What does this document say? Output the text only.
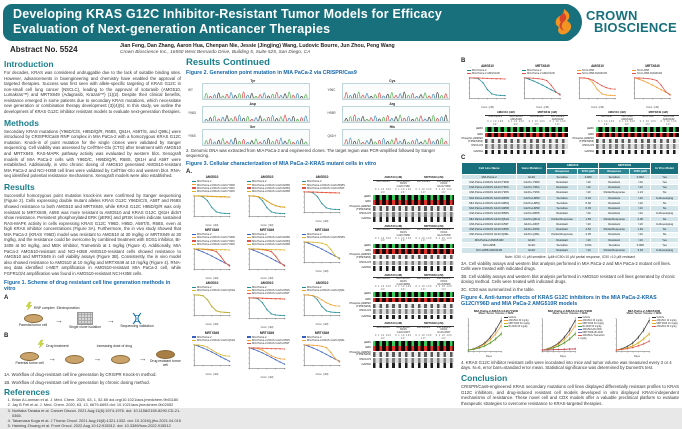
Developing KRAS G12C Inhibitor-Resistant Tumor Models for Efficacy
Evaluation of Next-generation Anticancer Therapies
CROWN
BIOSCIENCE
Abstract No. 5524	Jian Feng, Dan Zhang, Aaron Hua, Chenpan Nie, Jessie (Jingjing) Wang, Ludovic Bourre, Jun Zhou, Peng Wang
Crown Bioscience Inc., 16550 West Bernardo Drive, Building 5, Suite 525, San Diego, CA
Introduction

For decades, KRAS was considered undruggable due to the lack of suitable binding sites. However, advancements in bioengineering and chemistry have enabled the approval of targeted therapies. Success was first seen with allele-specific targeting of KRAS G12C in non-small cell lung cancer (NSCLC), leading to the approval of sotorasib (AMG510, Lumakras™) and MRTX849 (Adagrasib, Krazati™) (1)(2). Despite their clinical benefits, resistance emerged in some patients due to secondary KRAS mutations, which necessitate new generation or combination therapy development (3)(4)(5). In this study, we outline the development of KRAS G12C inhibitor resistant models to evaluate next-generation therapies.

Methods

Secondary KRAS mutations (Y96D/C/S, H95D/Q/R, R68S, Q61H, A59T/S, and Q99L) were introduced by CRISPR/Cas9 RNP complex in MIA PaCa-2 with a homozygous KRAS G12C mutation. Knock-in of point mutation for the single clones were validated by Sanger sequencing. Cell viability was assessed by CellTiter-Glo (CTG) after treatment with AMG510 and MRTX849. RAS-MAPK pathway activity was evaluated by western blot. Xenograft models of MIA PaCa-2 cells with Y96D/C, H95D/Q/R, R68S, Q61H and A59T were established. Additionally, in vitro chronic dosing of AMG510 generated AMG510-resistant MIA PaCa-2 and NCI-H358 cell lines were validated by CellTiter-Glo and western blot. RNA-seq identified potential resistance mechanisms. Xenograft models were also established.

Results

Successful homozygous point mutation knock-ins were confirmed by Sanger sequencing (Figure 2). Cells expressing double mutant alleles KRAS G12C Y96D/C/S, A59T and R68S showed resistance to both AMG510 and MRTX849, while KRAS G12C H95D/Q/R was only resistant to MRTX849, A59S was more resistant to AMG510 and KRAS G12C Q61H didn't show resistance. Persistent phosphorylated ERK (pERK) and pRSK levels indicate sustained RAS-MAPK activity in cells expressing KRAS G12C Y96D, H95D, A59T/S, R68S, even at high KRAS inhibitor concentrations (Figure 3A). Furthermore, the in vivo study showed that MIA PaCa-2 (KRAS Y96D) model was resistant to AMG510 at 30 mg/kg or MRTX849 at 30 mg/kg, and the resistance could be overcome by combined treatment with SOS1 inhibitor, BI-3406 at 50 mg/kg, and MEK inhibitor, Trametinib at 1 mg/kg (Figure 4). Additionally, MIA PaCa-2 AMG510-resistant and NCI-H358 AMG510-resistant cells showed resistance to AMG510 and MRTX849 in cell viability assays (Figure 3B). Consistently, the in vivo model also showed resistance to AMG510 at 10 mg/kg and MRTX849 at 10 mg/kg (Figure 4). RNA-seq data identified c-MET amplification in AMG510-resistant MIA PaCa-2 cell, while FGFR1/3/4 amplification was found in AMG510-resistant NCI-H358 cells.

Figure 1. Scheme of drug resistant cell line generation methods in vitro
A
RNP complex Electroporation
Parental tumor cell
→
Single clone isolation
→
Sequencing validation
B
Drug treatment	Increasing dose of drug
Parental tumor cell
→	→	→ Drug resistant tumor cell
1A. Workflow of drug-resistant cell line generation by CRISPR Knock-In method.
1B. Workflow of drug-resistant cell line generation by chronic dosing method.
References
1. Brian A Lanman et al. J. Med. Chem. 2020, 63, 1, 52-65 doi.org/10.1021/acs.jmedchem.9b01180
2. Jay B Fell et al. J. Med. Chem. 2020, 63, 13, 6679-6693 doi: 10.1021/acs.jmedchem.0b02052
3. Noritaka Tanaka et al. Cancer Discov. 2021 Aug;11(8):1974-1976. doi: 10.1158/2159-8290.CD-21-0365.
4. Takamasa Koga et al. J Thorac Oncol. 2021 Aug;16(8):1321-1332. doi: 10.1016/j.jtho.2021.04.015
5. Haiming Zhuang et al. Front Oncol. 2022 Aug 10:12:915512. doi: 10.3389/fonc.2022.915512
Results Continued
Figure 2. Generation point mutation in MIA PaCa-2 via CRISPR/Cas9
Tyr
WT
Cys
Y96C
Asp
Y96D
Arg
H95R
Ser
Y96S
His
Q61H
2. Genomic DNA was extracted from MIA PaCa-2 and engineered clones. The target region was PCR-amplified followed by Sanger sequencing.
Figure 3. Cellular characterization of MIA PaCa-2-KRAS mutant cells in vitro
A.
AMG510
MIA PaCa-2
MIA PaCa-2-KRAS G12C/Y96D
MIA PaCa-2-KRAS G12C/Y96C
MIA PaCa-2-KRAS G12C/Y96S
Conc. (nM)
AMG510
MIA PaCa-2
MIA PaCa-2-KRAS G12C/H95D
MIA PaCa-2-KRAS G12C/H95Q
MIA PaCa-2-KRAS G12C/H95R
Conc. (nM)
AMG510
MIA PaCa-2
MIA PaCa-2-KRAS G12C/R68S
MIA PaCa-2-KRAS G12C/A59T
Conc. (nM)
MRTX849
MIA PaCa-2
MIA PaCa-2-KRAS G12C/Y96D
MIA PaCa-2-KRAS G12C/Y96C
MIA PaCa-2-KRAS G12C/Y96S
Conc. (nM)
MRTX849
MIA PaCa-2
MIA PaCa-2-KRAS G12C/H95D
MIA PaCa-2-KRAS G12C/H95Q
MIA PaCa-2-KRAS G12C/H95R
Conc. (nM)
MRTX849
MIA PaCa-2
MIA PaCa-2-KRAS G12C/R68S
Conc. (nM)
AMG510
MIA PaCa-2
MIA PaCa-2-KRAS G12C/Q61H
Conc. (nM)
AMG510
MIA PaCa-2
MIA PaCa-2-KRAS G12C/A59S
MIA PaCa-2-KRAS G12C/A59T
Conc. (nM)
AMG510
MIA PaCa-2
MIA PaCa-2-KRAS G12C/Q99L
Conc. (nM)
MRTX849
MIA PaCa-2
MIA PaCa-2-KRAS G12C/Q61H
Conc. (nM)
MRTX849
MIA PaCa-2
MIA PaCa-2-KRAS G12C/A59S
MIA PaCa-2-KRAS G12C/A59T
Conc. (nM)
MRTX849
MIA PaCa-2
MIA PaCa-2-KRAS G12C/Q99L
Conc. (nM)
AMG510 (nM)	MRTX849 (nM)
MIA PaCa-2	MIA PaCa-2-KRAS G12C/Y96D
MIA PaCa-2	MIA PaCa-2-KRAS G12C/Y96D
0 1 10 100 10³
0 1 10 100 10³
0 1 10 100 10³
0 1 10 100 10³
pERK
ERK
Phospho-p90RSK (T359/S363)
RSK1/2/3
GAPDH
AMG510 (nM)	MRTX849 (nM)
MIA PaCa-2	MIA PaCa-2-KRAS G12C/H95D
MIA PaCa-2	MIA PaCa-2-KRAS G12C/H95D
0 1 10 100 10³
0 1 10 100 10³
0 1 10 100 10³
0 1 10 100 10³
pERK
ERK
Phospho-p90RSK (T359/S363)
RSK1/2/3
GAPDH
AMG510 (nM)	MRTX849 (nM)
MIA PaCa-2	MIA PaCa-2-KRAS G12C/R68S
MIA PaCa-2	MIA PaCa-2-KRAS G12C/R68S
0 1 10 100 10³
0 1 10 100 10³
0 1 10 100 10³
0 1 10 100 10³
pERK
ERK
Phospho-p90RSK (T359/S363)
RSK1/2/3
GAPDH
AMG510 (nM)	MRTX849 (nM)
MIA PaCa-2	MIA PaCa-2-KRAS G12C/A59T
MIA PaCa-2	MIA PaCa-2-KRAS G12C/A59T
0 1 10 100 10³
0 1 10 100 10³
0 1 10 100 10³
0 1 10 100 10³
pERK
ERK
Phospho-p90RSK (T359/S363)
RSK1/2/3
GAPDH
B
AMG510
MIA PaCa-2
MIA PaCa-2 AMG510R
Conc. (nM)
MRTX849
MIA PaCa-2
MIA PaCa-2 AMG510R
Conc. (nM)
AMG510
NCI-H358
NCI-H358 AMG510R
Conc. (nM)
MRTX849
NCI-H358
NCI-H358 AMG510R
Conc. (nM)
AMG510 (nM)	MRTX849 (nM)
MIA PaCa-2	MIA PaCa-2 AMG510R
MIA PaCa-2	MIA PaCa-2 AMG510R
0 1 10 100 10³
0 1 10 100 10³
0 1 10 100 10³
0 1 10 100 10³
pERK
ERK
Phospho-p90RSK (T359/S363)
RSK1/2/3
GAPDH
AMG510 (nM)	MRTX849 (nM)
NCI-H358	NCI-H358 AMG510R
NCI-H358	NCI-H358 AMG510R
0 1 10 100 10³
0 1 10 100 10³
0 1 10 100 10³
0 1 10 100 10³
pERK
ERK
Phospho-p90RSK (T359/S363)
RSK1/2/3
GAPDH
C
Cell Line Name	Gene Mutation	AMG510		MRTX849		In Vivo Model
		Response	IC50 (μM)	Response	IC50 (μM)	
MIA PaCa-2	G12C	Sensitive	0.006	Sensitive	0.002	Yes
MIA PaCa-2-KRAS G12C/Y96D	G12C+Y96D	Resistant	>10	Resistant	>10	Yes
MIA PaCa-2-KRAS G12C/Y96C	G12C+Y96C	Resistant	>10	Resistant	>10	Yes
MIA PaCa-2-KRAS G12C/Y96S	G12C+Y96S	Resistant	>10	Partial Response	1.21	No
MIA PaCa-2-KRAS G12C/H95D	G12C+H95D	Sensitive	0.04	Resistant	>10	In-Developing
MIA PaCa-2-KRAS G12C/H95Q	G12C+H95Q	Sensitive	0.02	Resistant	>10	No
MIA PaCa-2-KRAS G12C/H95R	G12C+H95R	Sensitive	0.03	Resistant	>10	No
MIA PaCa-2-KRAS G12C/R68S	G12C+R68S	Resistant	>10	Resistant	>10	In-Developing
MIA PaCa-2-KRAS G12C/Q61H	G12C+Q61H	Partial Response	1.83	Partial Response	2.06	No
MIA PaCa-2-KRAS G12C/A59T	G12C+A59T	Resistant	>10	Resistant	>10	In-Developing
MIA PaCa-2-KRAS G12C/A59S	G12C+A59S	Resistant	4.52	Partial Response	1.64	No
MIA PaCa-2-KRAS G12C/Q99L	G12C+Q99L	Partial Response	2.35	Resistant	>10	No
MIA PaCa-2 AMG510R	G12C	Resistant	>10	Resistant	>10	Yes
NCI-H358	G12C	Sensitive	0.011	Sensitive	0.008	Yes
NCI-H358 AMG510R	G12C	Resistant	>10	Partial Response	3.18	In-Developing
Note: IC50 <1 μM sensitive, 1μM<IC50<10 μM partial response, IC50 >10 μM resistant
3A. Cell viability assays and western blot analysis performed in MIA PaCa-2 and MIA PaCa-2 mutant cell lines. Cells were treated with indicated drugs.
3B. Cell viability assays and western blot analysis performed in AMG510 resistant cell lines generated by chronic dosing method. Cells were treated with indicated drugs.
3C. IC50 was summarized in the table.
Figure 4. Anti-tumor effects of KRAS G12C inhibitors in the MIA PaCa-2-KRAS G12C/Y96D and MIA PaCa-2 AMG510R models
MIA PaCa-2-KRAS G12C/Y96D
Mean Tumor Volume ± SEM
Vehicle
AMG510 30 mg/kg
MRTX849 30 mg/kg
BI-3406 50 mg/kg
Days
MIA PaCa-2-KRAS G12C/Y96D
Mean Tumor Volume ± SEM
Vehicle
AMG510 30 mg/kg
MRTX849 30 mg/kg
BI-3406 50 mg/kg
AMG510+BI-3406
MRTX849+BI-3406
AMG510+Trametinib 1 mg/kg
Days
MIA PaCa-2 AMG510R
Mean Tumor Volume ± SEM
Vehicle
AMG510 10 mg/kg
MRTX849 10 mg/kg
AMG510 30 mg/kg
Days
4. KRAS G12C inhibitor resistant cells were inoculated into mice and tumor volume was measured every 3 or 4 days. N=6, error bars=standard error mean. Statistical significance was determined by Dunnett's test.
Conclusion

CRISPR/Cas9-engineered KRAS secondary mutations cell lines displayed differentially resistant profiles to KRAS G12C inhibitors, and drug-induced resistant cell models developed in vitro displayed KRAS-independent mechanisms of resistance. These novel cell and CDX models offer a valuable preclinical platform to evaluate therapeutic strategies to overcome resistance to KRAS-targeted therapies.
